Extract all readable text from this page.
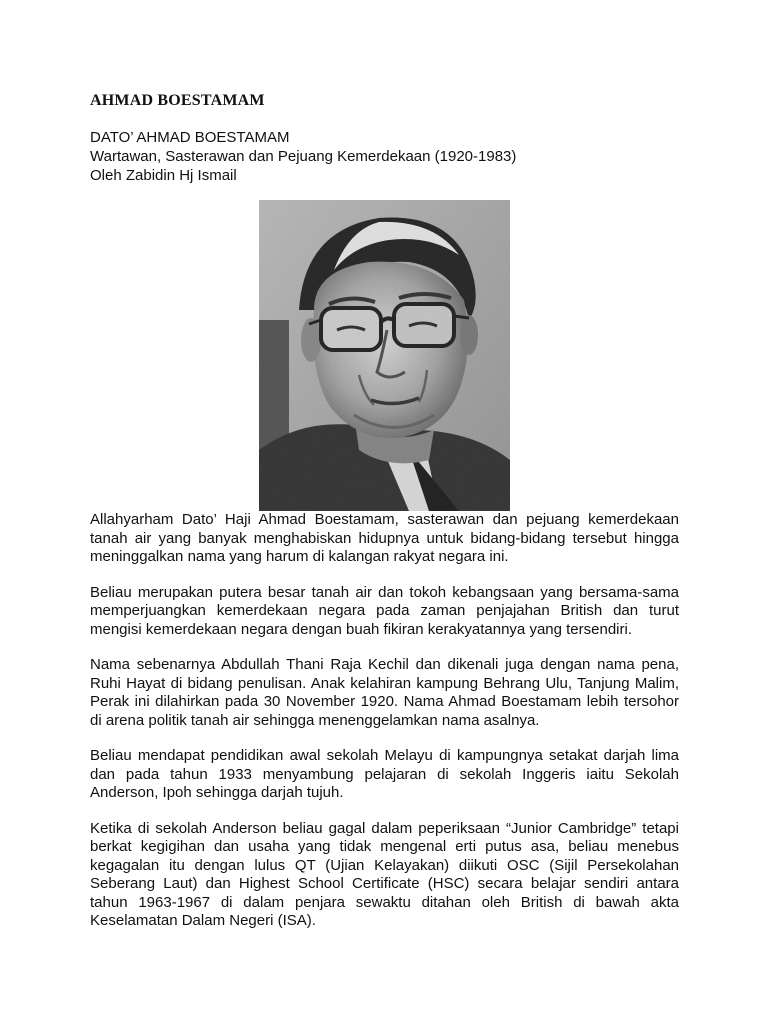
AHMAD BOESTAMAM
DATO’ AHMAD BOESTAMAM
Wartawan, Sasterawan dan Pejuang Kemerdekaan (1920-1983)
Oleh Zabidin Hj Ismail

Allahyarham Dato’ Haji Ahmad Boestamam, sasterawan dan pejuang kemerdekaan tanah air yang banyak menghabiskan hidupnya untuk bidang-bidang tersebut hingga meninggalkan nama yang harum di kalangan rakyat negara ini.

Beliau merupakan putera besar tanah air dan tokoh kebangsaan yang bersama-sama memperjuangkan kemerdekaan negara pada zaman penjajahan British dan turut mengisi kemerdekaan negara dengan buah fikiran kerakyatannya yang tersendiri.

Nama sebenarnya Abdullah Thani Raja Kechil dan dikenali juga dengan nama pena, Ruhi Hayat di bidang penulisan. Anak kelahiran kampung Behrang Ulu, Tanjung Malim, Perak ini dilahirkan pada 30 November 1920. Nama Ahmad Boestamam lebih tersohor di arena politik tanah air sehingga menenggelamkan nama asalnya.

Beliau mendapat pendidikan awal sekolah Melayu di kampungnya setakat darjah lima dan pada tahun 1933 menyambung pelajaran di sekolah Inggeris iaitu Sekolah Anderson, Ipoh sehingga darjah tujuh.

Ketika di sekolah Anderson beliau gagal dalam peperiksaan “Junior Cambridge” tetapi berkat kegigihan dan usaha yang tidak mengenal erti putus asa, beliau menebus kegagalan itu dengan lulus QT (Ujian Kelayakan) diikuti OSC (Sijil Persekolahan Seberang Laut) dan Highest School Certificate (HSC) secara belajar sendiri antara tahun 1963-1967 di dalam penjara sewaktu ditahan oleh British di bawah akta Keselamatan Dalam Negeri (ISA).
